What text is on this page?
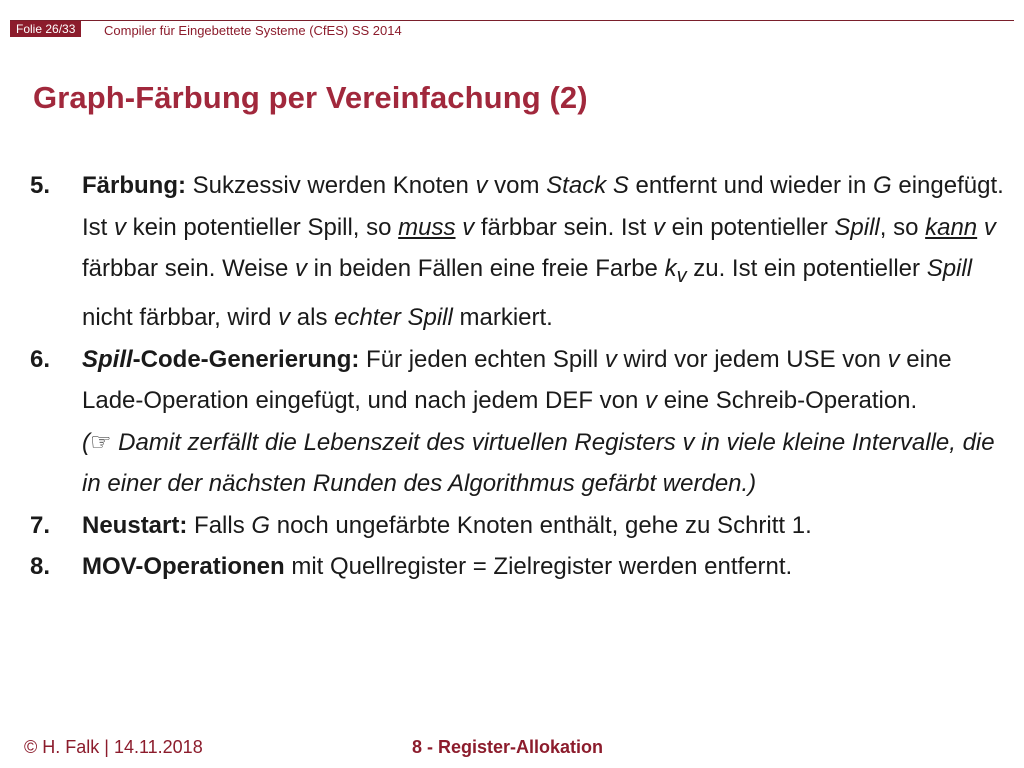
Folie 26/33	Compiler für Eingebettete Systeme (CfES) SS 2014
Graph-Färbung per Vereinfachung (2)
5. Färbung: Sukzessiv werden Knoten v vom Stack S entfernt und wieder in G eingefügt. Ist v kein potentieller Spill, so muss v färbbar sein. Ist v ein potentieller Spill, so kann v färbbar sein. Weise v in beiden Fällen eine freie Farbe $k_v$ zu. Ist ein potentieller Spill nicht färbbar, wird v als echter Spill markiert.
6. Spill-Code-Generierung: Für jeden echten Spill v wird vor jedem USE von v eine Lade-Operation eingefügt, und nach jedem DEF von v eine Schreib-Operation.
(☞ Damit zerfällt die Lebenszeit des virtuellen Registers v in viele kleine Intervalle, die in einer der nächsten Runden des Algorithmus gefärbt werden.)
7. Neustart: Falls G noch ungefärbte Knoten enthält, gehe zu Schritt 1.
8. MOV-Operationen mit Quellregister = Zielregister werden entfernt.
© H. Falk | 14.11.2018	8 - Register-Allokation
